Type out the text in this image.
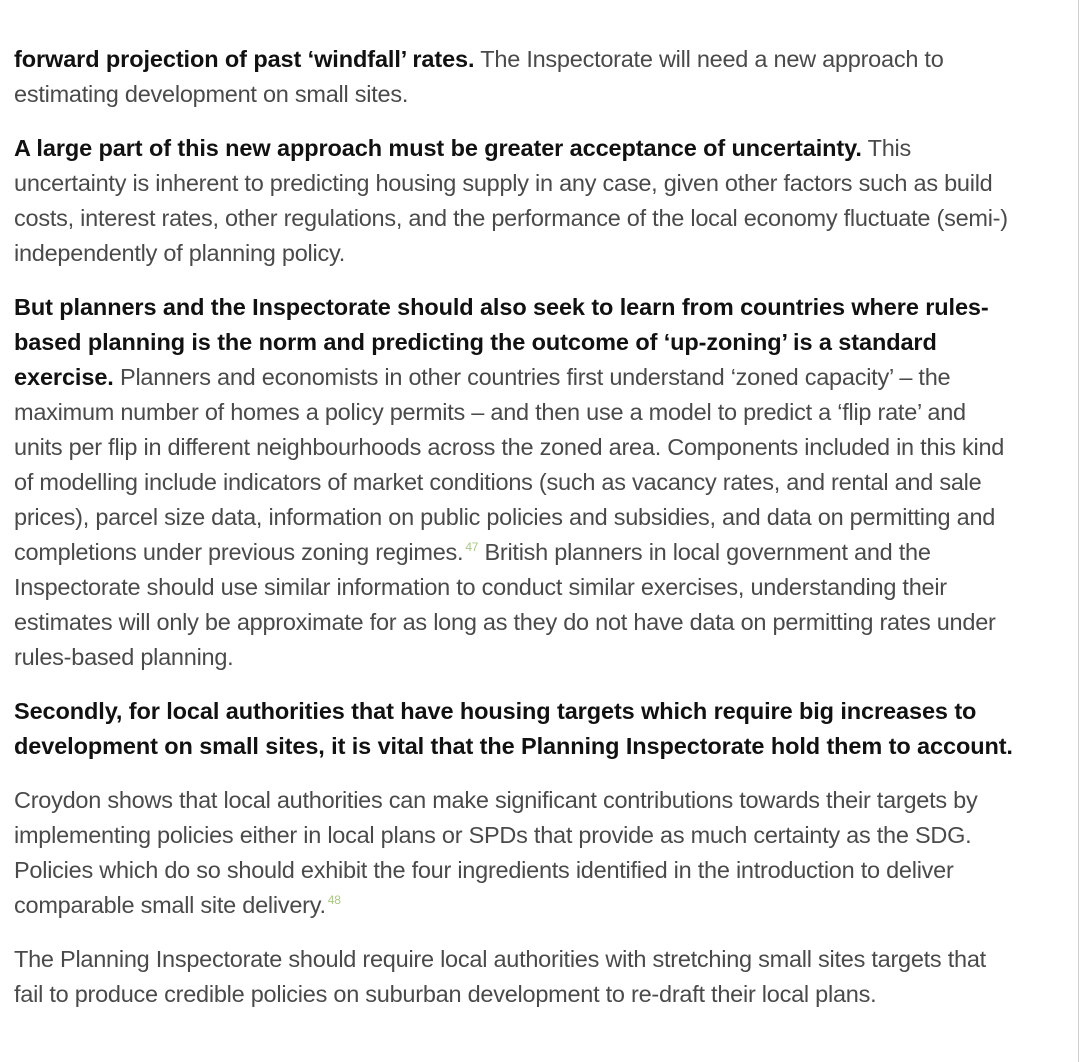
forward projection of past ‘windfall’ rates. The Inspectorate will need a new approach to estimating development on small sites.

A large part of this new approach must be greater acceptance of uncertainty. This uncertainty is inherent to predicting housing supply in any case, given other factors such as build costs, interest rates, other regulations, and the performance of the local economy fluctuate (semi-) independently of planning policy.

But planners and the Inspectorate should also seek to learn from countries where rules-based planning is the norm and predicting the outcome of ‘up-zoning’ is a standard exercise. Planners and economists in other countries first understand ‘zoned capacity’ – the maximum number of homes a policy permits – and then use a model to predict a ‘flip rate’ and units per flip in different neighbourhoods across the zoned area. Components included in this kind of modelling include indicators of market conditions (such as vacancy rates, and rental and sale prices), parcel size data, information on public policies and subsidies, and data on permitting and completions under previous zoning regimes. $^{47}$ British planners in local government and the Inspectorate should use similar information to conduct similar exercises, understanding their estimates will only be approximate for as long as they do not have data on permitting rates under rules-based planning.

Secondly, for local authorities that have housing targets which require big increases to development on small sites, it is vital that the Planning Inspectorate hold them to account.

Croydon shows that local authorities can make significant contributions towards their targets by implementing policies either in local plans or SPDs that provide as much certainty as the SDG. Policies which do so should exhibit the four ingredients identified in the introduction to deliver comparable small site delivery. $^{48}$

The Planning Inspectorate should require local authorities with stretching small sites targets that fail to produce credible policies on suburban development to re-draft their local plans.
